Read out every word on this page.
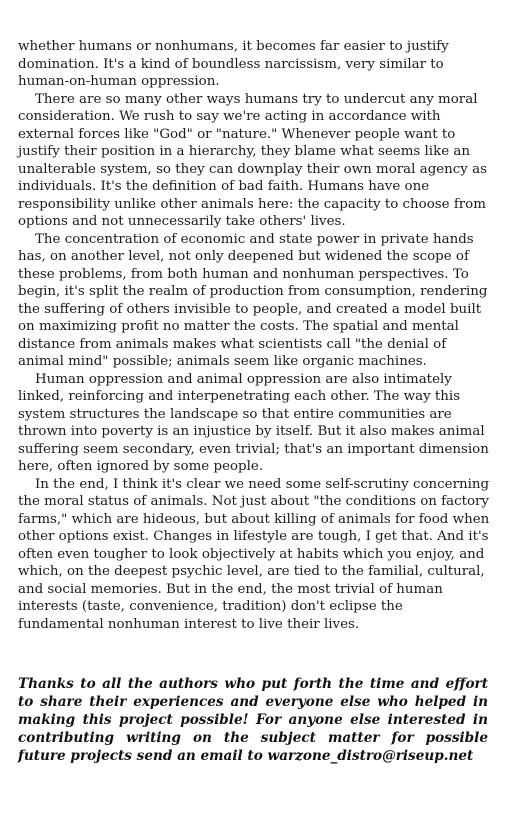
whether humans or nonhumans, it becomes far easier to justify domination. It's a kind of boundless narcissism, very similar to human-on-human oppression.

There are so many other ways humans try to undercut any moral consideration. We rush to say we're acting in accordance with external forces like "God" or "nature." Whenever people want to justify their position in a hierarchy, they blame what seems like an unalterable system, so they can downplay their own moral agency as individuals. It's the definition of bad faith. Humans have one responsibility unlike other animals here: the capacity to choose from options and not unnecessarily take others' lives.

The concentration of economic and state power in private hands has, on another level, not only deepened but widened the scope of these problems, from both human and nonhuman perspectives. To begin, it's split the realm of production from consumption, rendering the suffering of others invisible to people, and created a model built on maximizing profit no matter the costs. The spatial and mental distance from animals makes what scientists call "the denial of animal mind" possible; animals seem like organic machines.

Human oppression and animal oppression are also intimately linked, reinforcing and interpenetrating each other. The way this system structures the landscape so that entire communities are thrown into poverty is an injustice by itself. But it also makes animal suffering seem secondary, even trivial; that's an important dimension here, often ignored by some people.

In the end, I think it's clear we need some self-scrutiny concerning the moral status of animals. Not just about "the conditions on factory farms," which are hideous, but about killing of animals for food when other options exist. Changes in lifestyle are tough, I get that. And it's often even tougher to look objectively at habits which you enjoy, and which, on the deepest psychic level, are tied to the familial, cultural, and social memories. But in the end, the most trivial of human interests (taste, convenience, tradition) don't eclipse the fundamental nonhuman interest to live their lives.

Thanks to all the authors who put forth the time and effort to share their experiences and everyone else who helped in making this project possible! For anyone else interested in contributing writing on the subject matter for possible future projects send an email to warzone_distro@riseup.net
